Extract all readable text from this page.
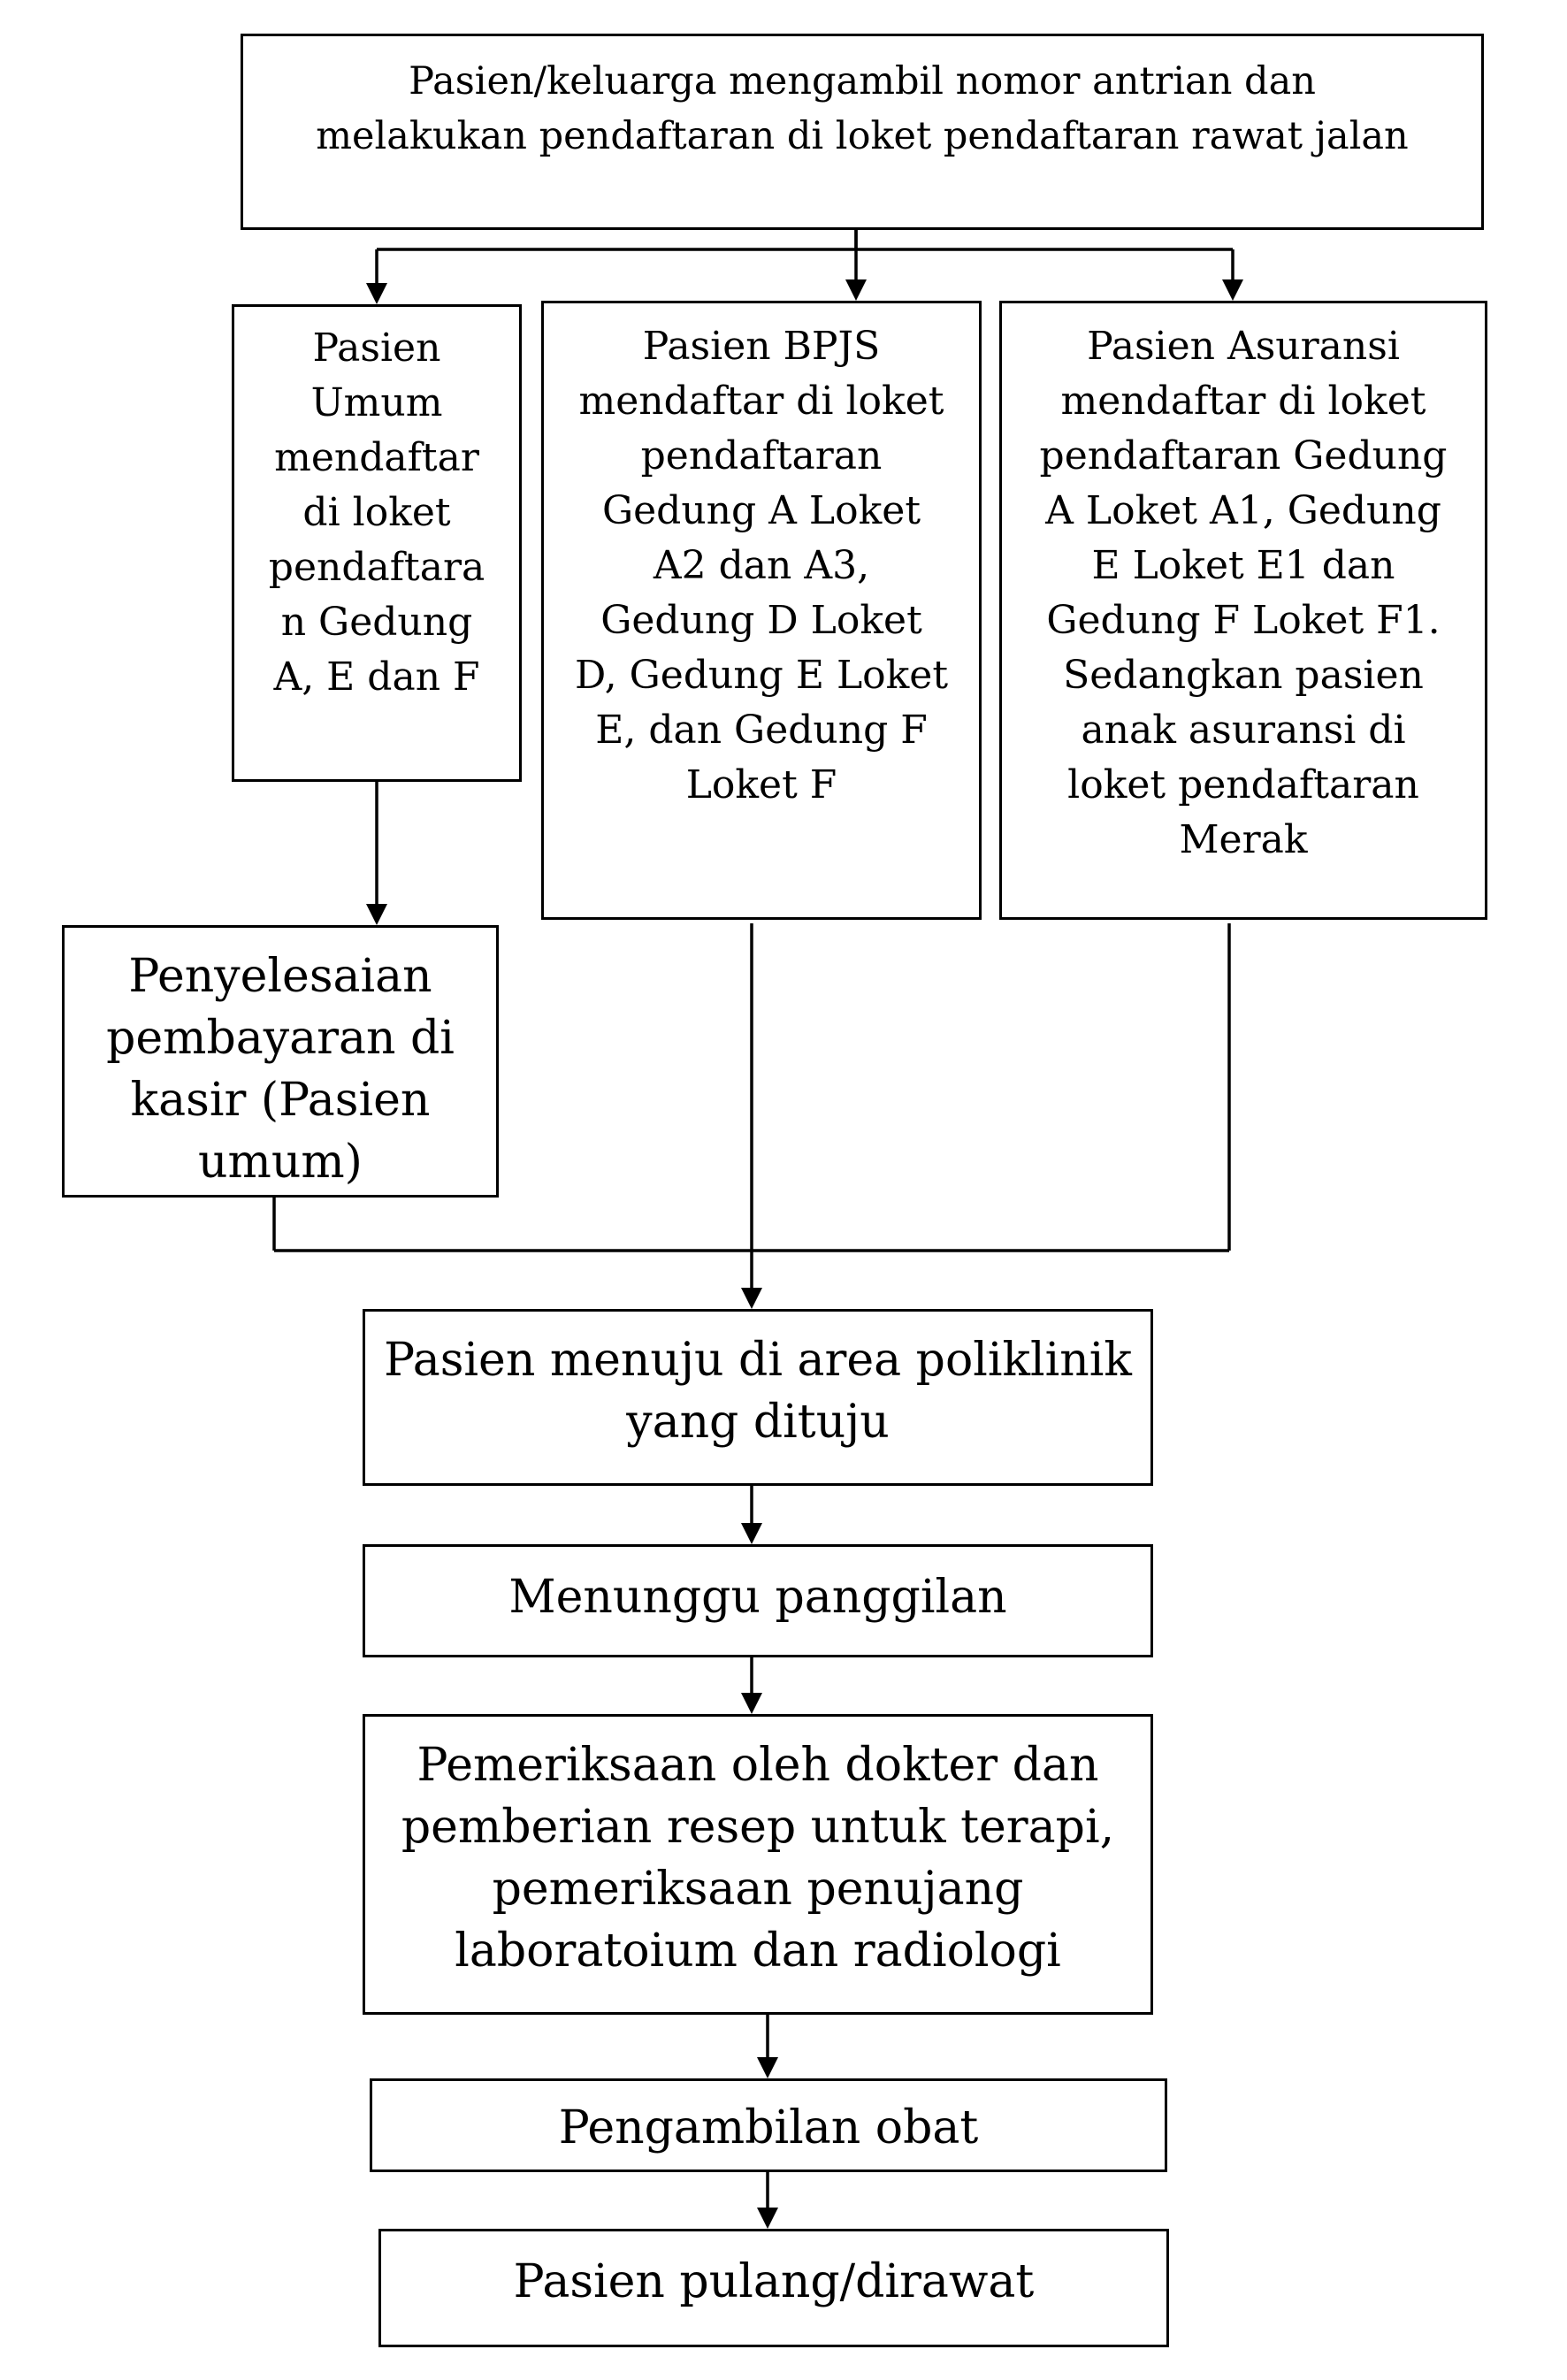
Pasien/keluarga mengambil nomor antrian dan
melakukan pendaftaran di loket pendaftaran rawat jalan
Pasien
Umum
mendaftar
di loket
pendaftara
n Gedung
A, E dan F
Pasien BPJS
mendaftar di loket
pendaftaran
Gedung A Loket
A2 dan A3,
Gedung D Loket
D, Gedung E Loket
E, dan Gedung F
Loket F
Pasien Asuransi
mendaftar di loket
pendaftaran Gedung
A Loket A1, Gedung
E Loket E1 dan
Gedung F Loket F1.
Sedangkan pasien
anak asuransi di
loket pendaftaran
Merak
Penyelesaian
pembayaran di
kasir (Pasien
umum)
Pasien menuju di area poliklinik
yang dituju
Menunggu panggilan
Pemeriksaan oleh dokter dan
pemberian resep untuk terapi,
pemeriksaan penujang
laboratoium dan radiologi
Pengambilan obat
Pasien pulang/dirawat
